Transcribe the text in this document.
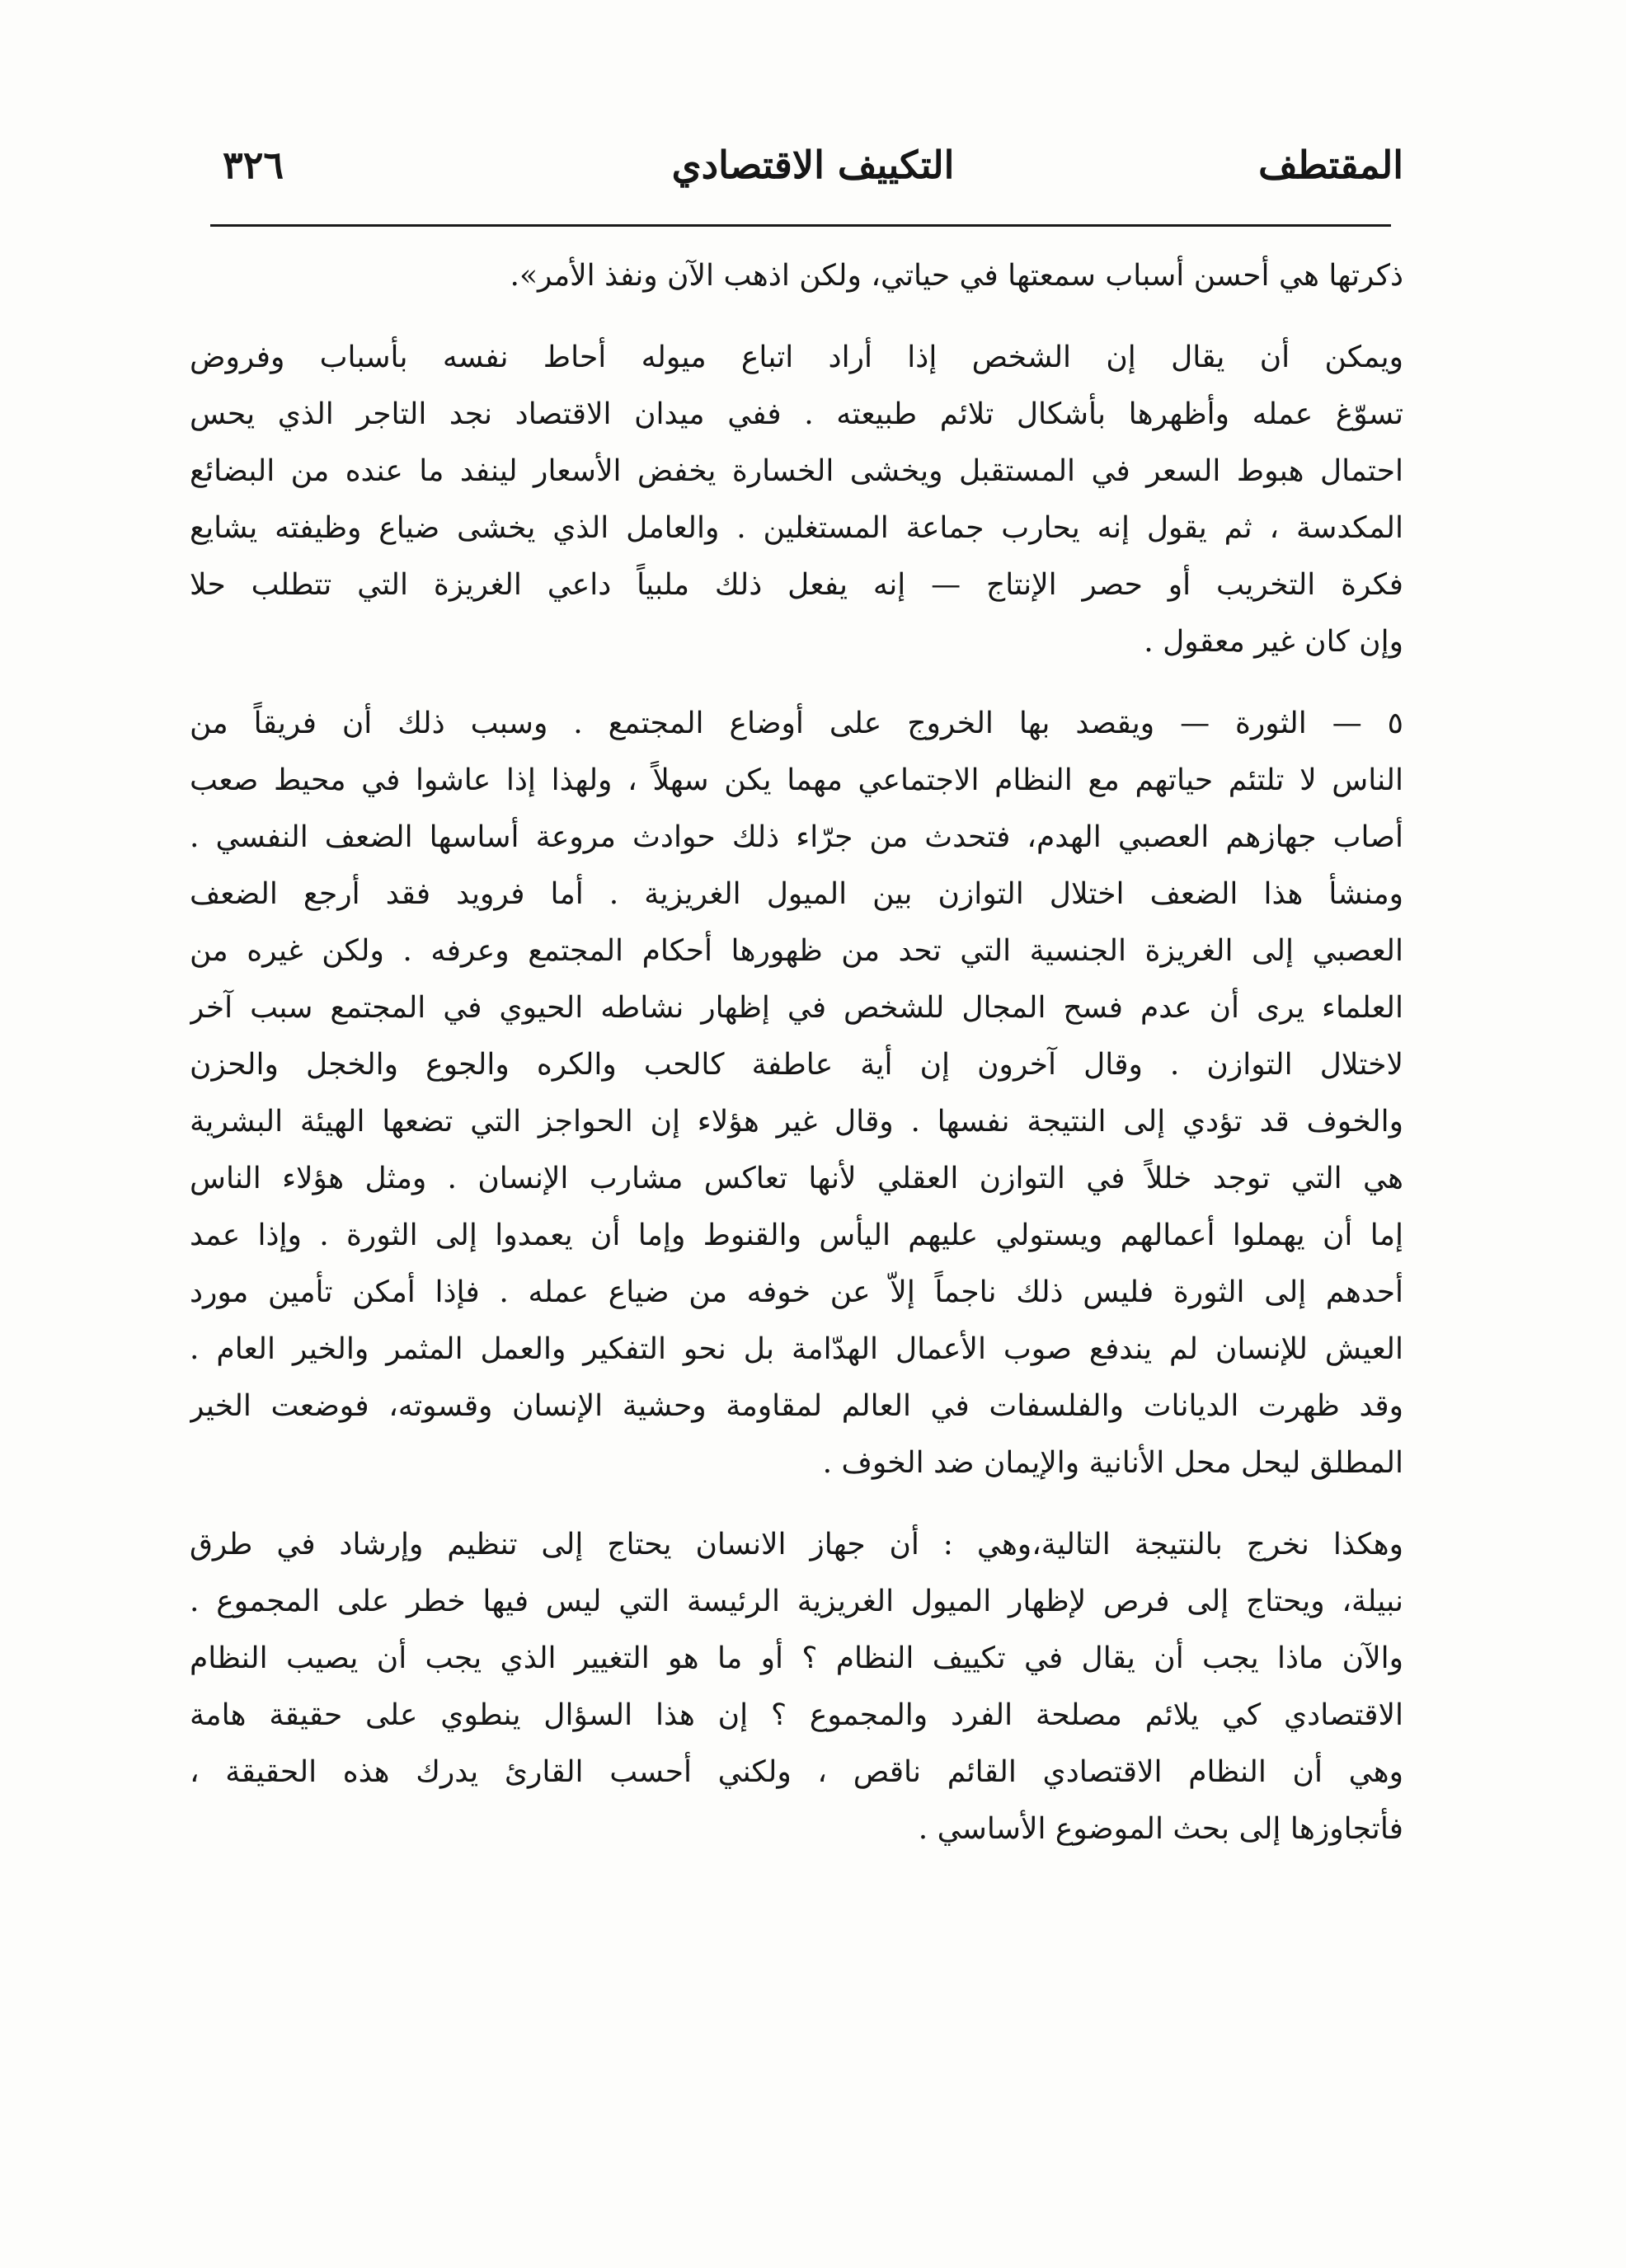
٣٢٦	التكييف الاقتصادي	المقتطف
ذكرتها هي أحسن أسباب سمعتها في حياتي، ولكن اذهب الآن ونفذ الأمر».
ويمكن أن يقال إن الشخص إذا أراد اتباع ميوله أحاط نفسه بأسباب وفروض
تسوّغ عمله وأظهرها بأشكال تلائم طبيعته . ففي ميدان الاقتصاد نجد التاجر الذي يحس
احتمال هبوط السعر في المستقبل ويخشى الخسارة يخفض الأسعار لينفد ما عنده من البضائع
المكدسة ، ثم يقول إنه يحارب جماعة المستغلين . والعامل الذي يخشى ضياع وظيفته يشايع
فكرة التخريب أو حصر الإنتاج — إنه يفعل ذلك ملبياً داعي الغريزة التي تتطلب حلا
وإن كان غير معقول .
٥ — الثورة — ويقصد بها الخروج على أوضاع المجتمع . وسبب ذلك أن فريقاً من
الناس لا تلتئم حياتهم مع النظام الاجتماعي مهما يكن سهلاً ، ولهذا إذا عاشوا في محيط صعب
أصاب جهازهم العصبي الهدم، فتحدث من جرّاء ذلك حوادث مروعة أساسها الضعف النفسي .
ومنشأ هذا الضعف اختلال التوازن بين الميول الغريزية . أما فرويد فقد أرجع الضعف
العصبي إلى الغريزة الجنسية التي تحد من ظهورها أحكام المجتمع وعرفه . ولكن غيره من
العلماء يرى أن عدم فسح المجال للشخص في إظهار نشاطه الحيوي في المجتمع سبب آخر
لاختلال التوازن . وقال آخرون إن أية عاطفة كالحب والكره والجوع والخجل والحزن
والخوف قد تؤدي إلى النتيجة نفسها . وقال غير هؤلاء إن الحواجز التي تضعها الهيئة البشرية
هي التي توجد خللاً في التوازن العقلي لأنها تعاكس مشارب الإنسان . ومثل هؤلاء الناس
إما أن يهملوا أعمالهم ويستولي عليهم اليأس والقنوط وإما أن يعمدوا إلى الثورة . وإذا عمد
أحدهم إلى الثورة فليس ذلك ناجماً إلاّ عن خوفه من ضياع عمله . فإذا أمكن تأمين مورد
العيش للإنسان لم يندفع صوب الأعمال الهدّامة بل نحو التفكير والعمل المثمر والخير العام .
وقد ظهرت الديانات والفلسفات في العالم لمقاومة وحشية الإنسان وقسوته، فوضعت الخير
المطلق ليحل محل الأنانية والإيمان ضد الخوف .
وهكذا نخرج بالنتيجة التالية،وهي : أن جهاز الانسان يحتاج إلى تنظيم وإرشاد في طرق
نبيلة، ويحتاج إلى فرص لإظهار الميول الغريزية الرئيسة التي ليس فيها خطر على المجموع .
والآن ماذا يجب أن يقال في تكييف النظام ؟ أو ما هو التغيير الذي يجب أن يصيب النظام
الاقتصادي كي يلائم مصلحة الفرد والمجموع ؟ إن هذا السؤال ينطوي على حقيقة هامة
وهي أن النظام الاقتصادي القائم ناقص ، ولكني أحسب القارئ يدرك هذه الحقيقة ،
فأتجاوزها إلى بحث الموضوع الأساسي .
